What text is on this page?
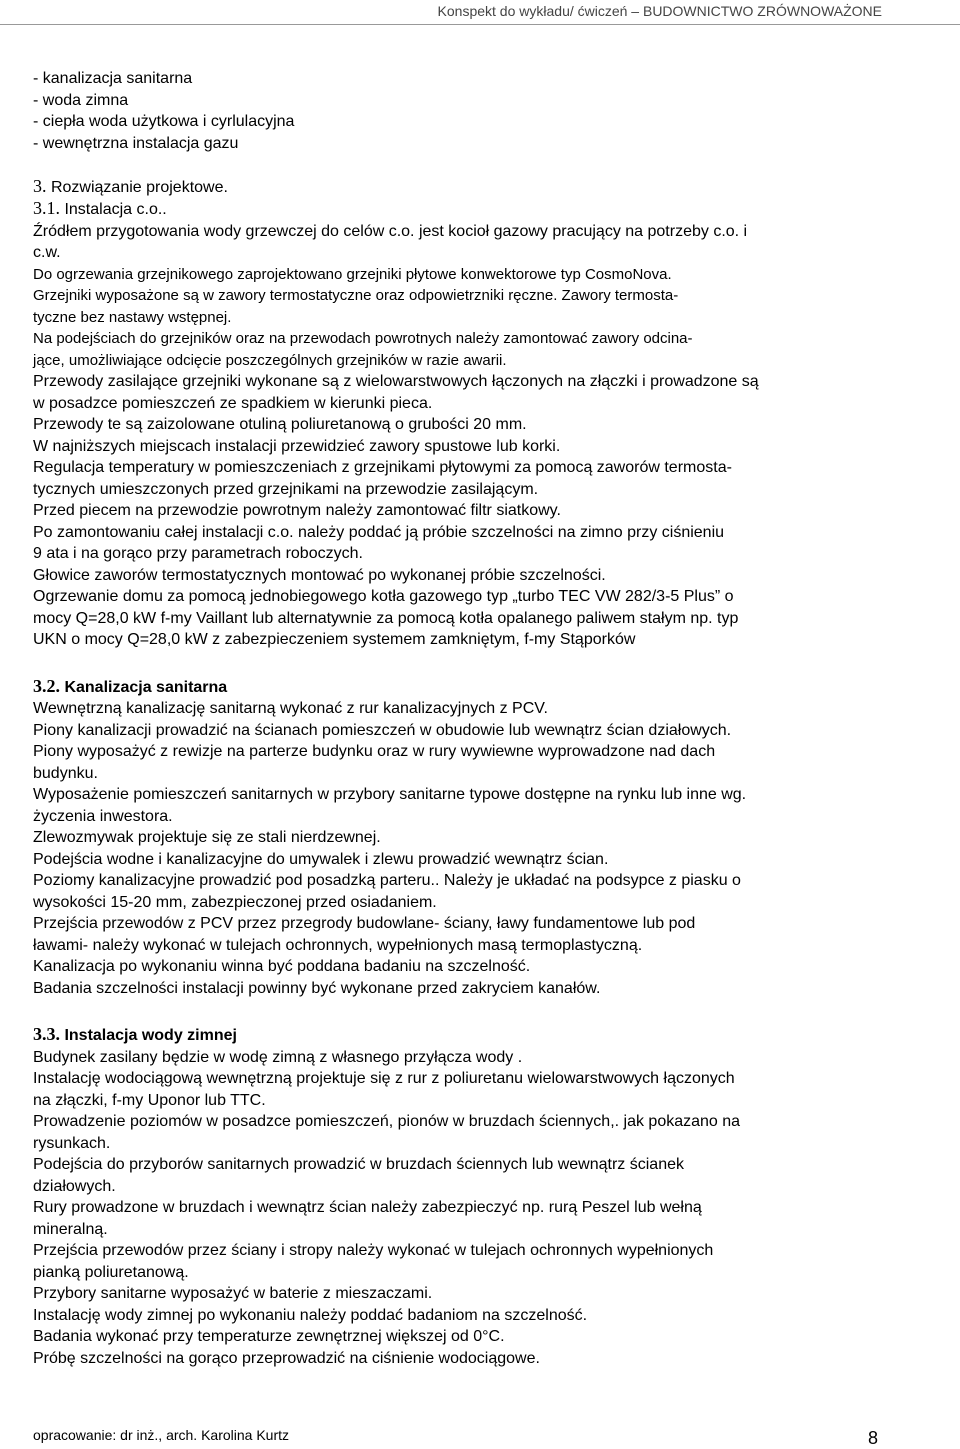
Konspekt do wykładu/ ćwiczeń – BUDOWNICTWO ZRÓWNOWAŻONE
- kanalizacja sanitarna
- woda zimna
- ciepła woda użytkowa i cyrlulacyjna
- wewnętrzna instalacja gazu
3. Rozwiązanie projektowe.
3.1. Instalacja c.o..
Źródłem przygotowania wody grzewczej do celów c.o. jest kocioł gazowy pracujący na potrzeby c.o. i
c.w.
Do ogrzewania grzejnikowego zaprojektowano grzejniki płytowe konwektorowe typ CosmoNova.
Grzejniki wyposażone są w zawory termostatyczne oraz odpowietrzniki ręczne. Zawory termosta-
tyczne bez nastawy wstępnej.
Na podejściach do grzejników oraz na przewodach powrotnych należy zamontować zawory odcina-
jące, umożliwiające odcięcie poszczególnych grzejników w razie awarii.
Przewody zasilające grzejniki wykonane są z wielowarstwowych łączonych na złączki i prowadzone są
w posadzce pomieszczeń ze spadkiem w kierunki pieca.
Przewody te są zaizolowane otuliną poliuretanową o grubości 20 mm.
W najniższych miejscach instalacji przewidzieć zawory spustowe lub korki.
Regulacja temperatury w pomieszczeniach z grzejnikami płytowymi za pomocą zaworów termosta-
tycznych umieszczonych przed grzejnikami na przewodzie zasilającym.
Przed piecem na przewodzie powrotnym należy zamontować filtr siatkowy.
Po zamontowaniu całej instalacji c.o. należy poddać ją próbie szczelności na zimno przy ciśnieniu
9 ata i na gorąco przy parametrach roboczych.
Głowice zaworów termostatycznych montować po wykonanej próbie szczelności.
Ogrzewanie domu za pomocą jednobiegowego kotła gazowego typ „turbo TEC VW 282/3-5 Plus” o
mocy Q=28,0 kW f-my Vaillant lub alternatywnie za pomocą kotła opalanego paliwem stałym np. typ
UKN o mocy Q=28,0 kW z zabezpieczeniem systemem zamkniętym, f-my Stąporków
3.2. Kanalizacja sanitarna
Wewnętrzną kanalizację sanitarną wykonać z rur kanalizacyjnych z PCV.
Piony kanalizacji prowadzić na ścianach pomieszczeń w obudowie lub wewnątrz ścian działowych.
Piony wyposażyć z rewizje na parterze budynku oraz w rury wywiewne wyprowadzone nad dach
budynku.
Wyposażenie pomieszczeń sanitarnych w przybory sanitarne typowe dostępne na rynku lub inne wg.
życzenia inwestora.
Zlewozmywak projektuje się ze stali nierdzewnej.
Podejścia wodne i kanalizacyjne do umywalek i zlewu prowadzić wewnątrz ścian.
Poziomy kanalizacyjne prowadzić pod posadzką parteru.. Należy je układać na podsypce z piasku o
wysokości 15-20 mm, zabezpieczonej przed osiadaniem.
Przejścia przewodów z PCV przez przegrody budowlane- ściany, ławy fundamentowe lub pod
ławami- należy wykonać w tulejach ochronnych, wypełnionych masą termoplastyczną.
Kanalizacja po wykonaniu winna być poddana badaniu na szczelność.
Badania szczelności instalacji powinny być wykonane przed zakryciem kanałów.
3.3. Instalacja wody zimnej
Budynek zasilany będzie w wodę zimną z własnego przyłącza wody .
Instalację wodociągową wewnętrzną projektuje się z rur z poliuretanu wielowarstwowych łączonych
na złączki, f-my Uponor lub TTC.
Prowadzenie poziomów w posadzce pomieszczeń, pionów w bruzdach ściennych,. jak pokazano na
rysunkach.
Podejścia do przyborów sanitarnych prowadzić w bruzdach ściennych lub wewnątrz ścianek
działowych.
Rury prowadzone w bruzdach i wewnątrz ścian należy zabezpieczyć np. rurą Peszel lub wełną
mineralną.
Przejścia przewodów przez ściany i stropy należy wykonać w tulejach ochronnych wypełnionych
pianką poliuretanową.
Przybory sanitarne wyposażyć w baterie z mieszaczami.
Instalację wody zimnej po wykonaniu należy poddać badaniom na szczelność.
Badania wykonać przy temperaturze zewnętrznej większej od 0°C.
Próbę szczelności na gorąco przeprowadzić na ciśnienie wodociągowe.
opracowanie: dr inż., arch. Karolina Kurtz	8
